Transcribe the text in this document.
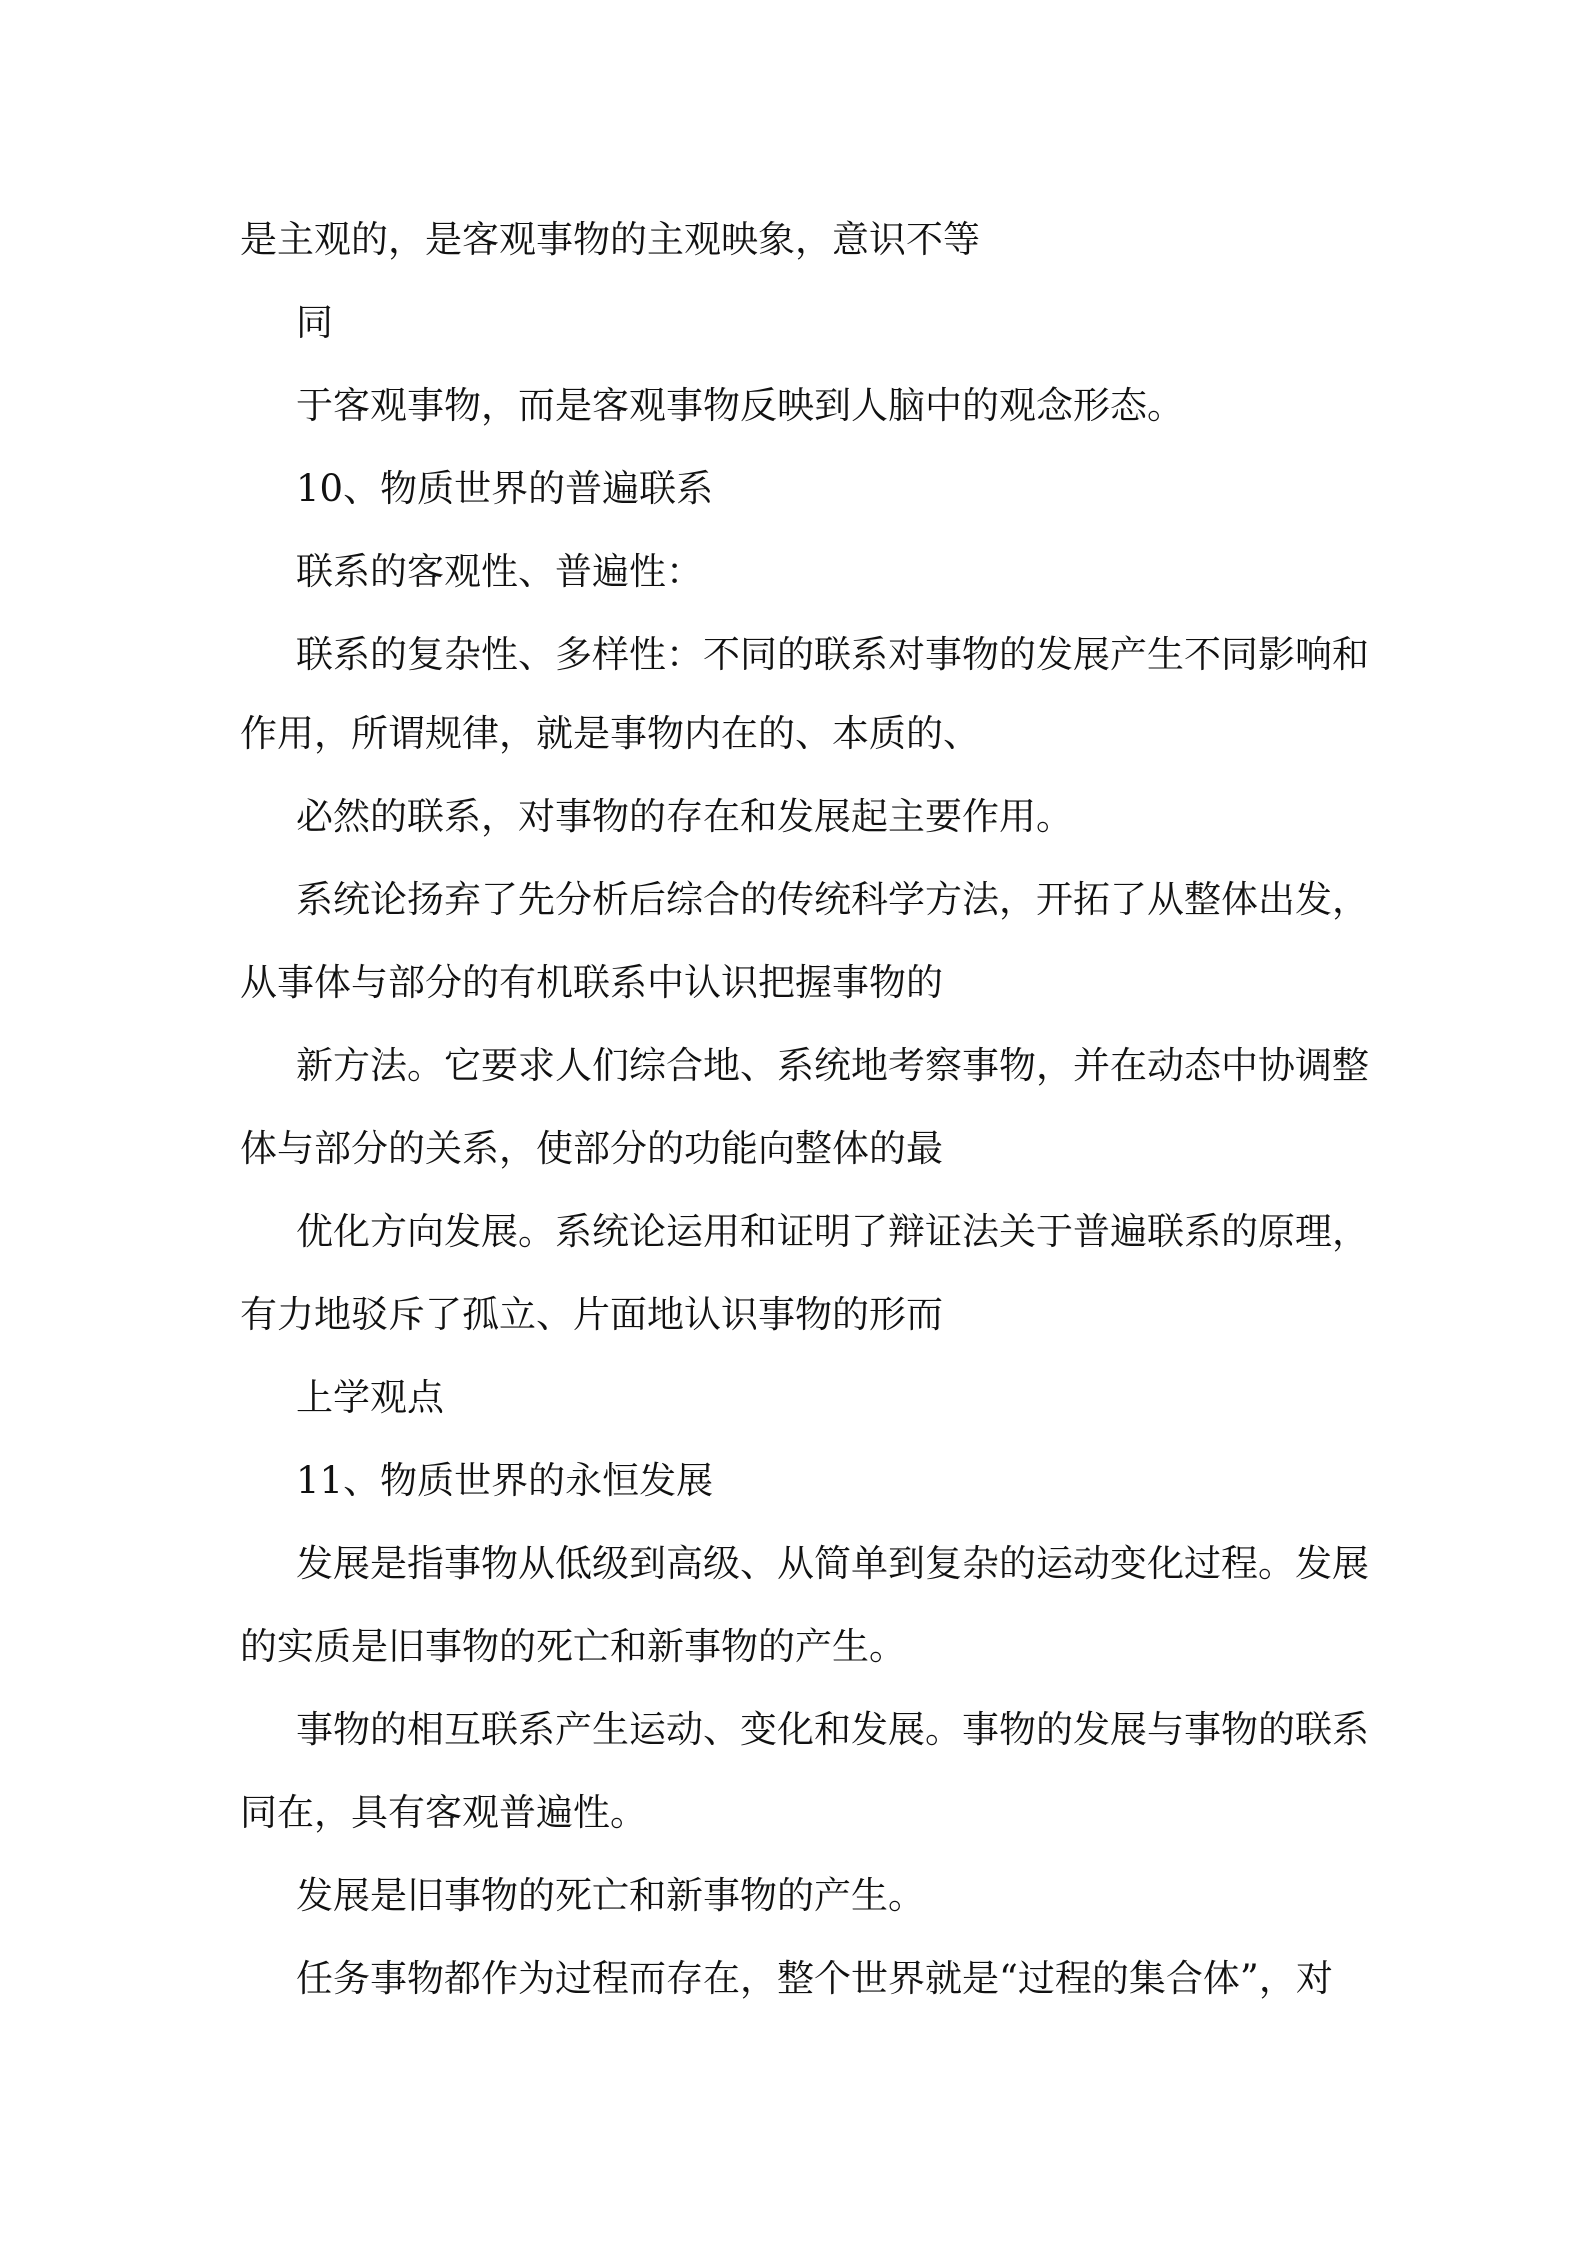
是主观的，是客观事物的主观映象，意识不等
同
于客观事物，而是客观事物反映到人脑中的观念形态。
10、物质世界的普遍联系
联系的客观性、普遍性：
联系的复杂性、多样性：不同的联系对事物的发展产生不同影响和
作用，所谓规律，就是事物内在的、本质的、
必然的联系，对事物的存在和发展起主要作用。
系统论扬弃了先分析后综合的传统科学方法，开拓了从整体出发，
从事体与部分的有机联系中认识把握事物的
新方法。它要求人们综合地、系统地考察事物，并在动态中协调整
体与部分的关系，使部分的功能向整体的最
优化方向发展。系统论运用和证明了辩证法关于普遍联系的原理，
有力地驳斥了孤立、片面地认识事物的形而
上学观点
11、物质世界的永恒发展
发展是指事物从低级到高级、从简单到复杂的运动变化过程。发展
的实质是旧事物的死亡和新事物的产生。
事物的相互联系产生运动、变化和发展。事物的发展与事物的联系
同在，具有客观普遍性。
发展是旧事物的死亡和新事物的产生。
任务事物都作为过程而存在，整个世界就是“过程的集合体”，对
